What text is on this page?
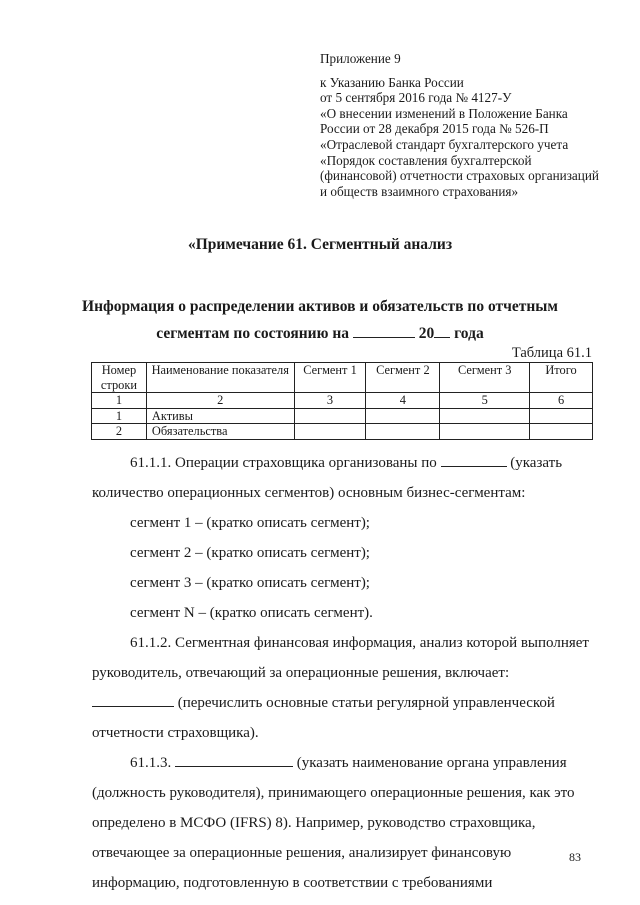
Приложение 9
к Указанию Банка России
от 5 сентября 2016 года № 4127-У
«О внесении изменений в Положение Банка
России от 28 декабря 2015 года № 526-П
«Отраслевой стандарт бухгалтерского учета
«Порядок составления бухгалтерской
(финансовой) отчетности страховых организаций
и обществ взаимного страхования»
«Примечание 61. Сегментный анализ
Информация о распределении активов и обязательств по отчетным
сегментам по состоянию на	20 года
Таблица 61.1
Номер строки	Наименование показателя	Сегмент 1	Сегмент 2	Сегмент 3	Итого
1	2	3	4	5	6
1	Активы				
2	Обязательства				

61.1.1. Операции страховщика организованы по	(указать

количество операционных сегментов) основным бизнес-сегментам:

сегмент 1 – (кратко описать сегмент);

сегмент 2 – (кратко описать сегмент);

сегмент 3 – (кратко описать сегмент);

сегмент N – (кратко описать сегмент).

61.1.2. Сегментная финансовая информация, анализ которой выполняет

руководитель, отвечающий за операционные решения, включает:

(перечислить основные статьи регулярной управленческой

отчетности страховщика).

61.1.3.	(указать наименование органа управления

(должность руководителя), принимающего операционные решения, как это

определено в МСФО (IFRS) 8). Например, руководство страховщика,

отвечающее за операционные решения, анализирует финансовую

информацию, подготовленную в соответствии с требованиями

83
